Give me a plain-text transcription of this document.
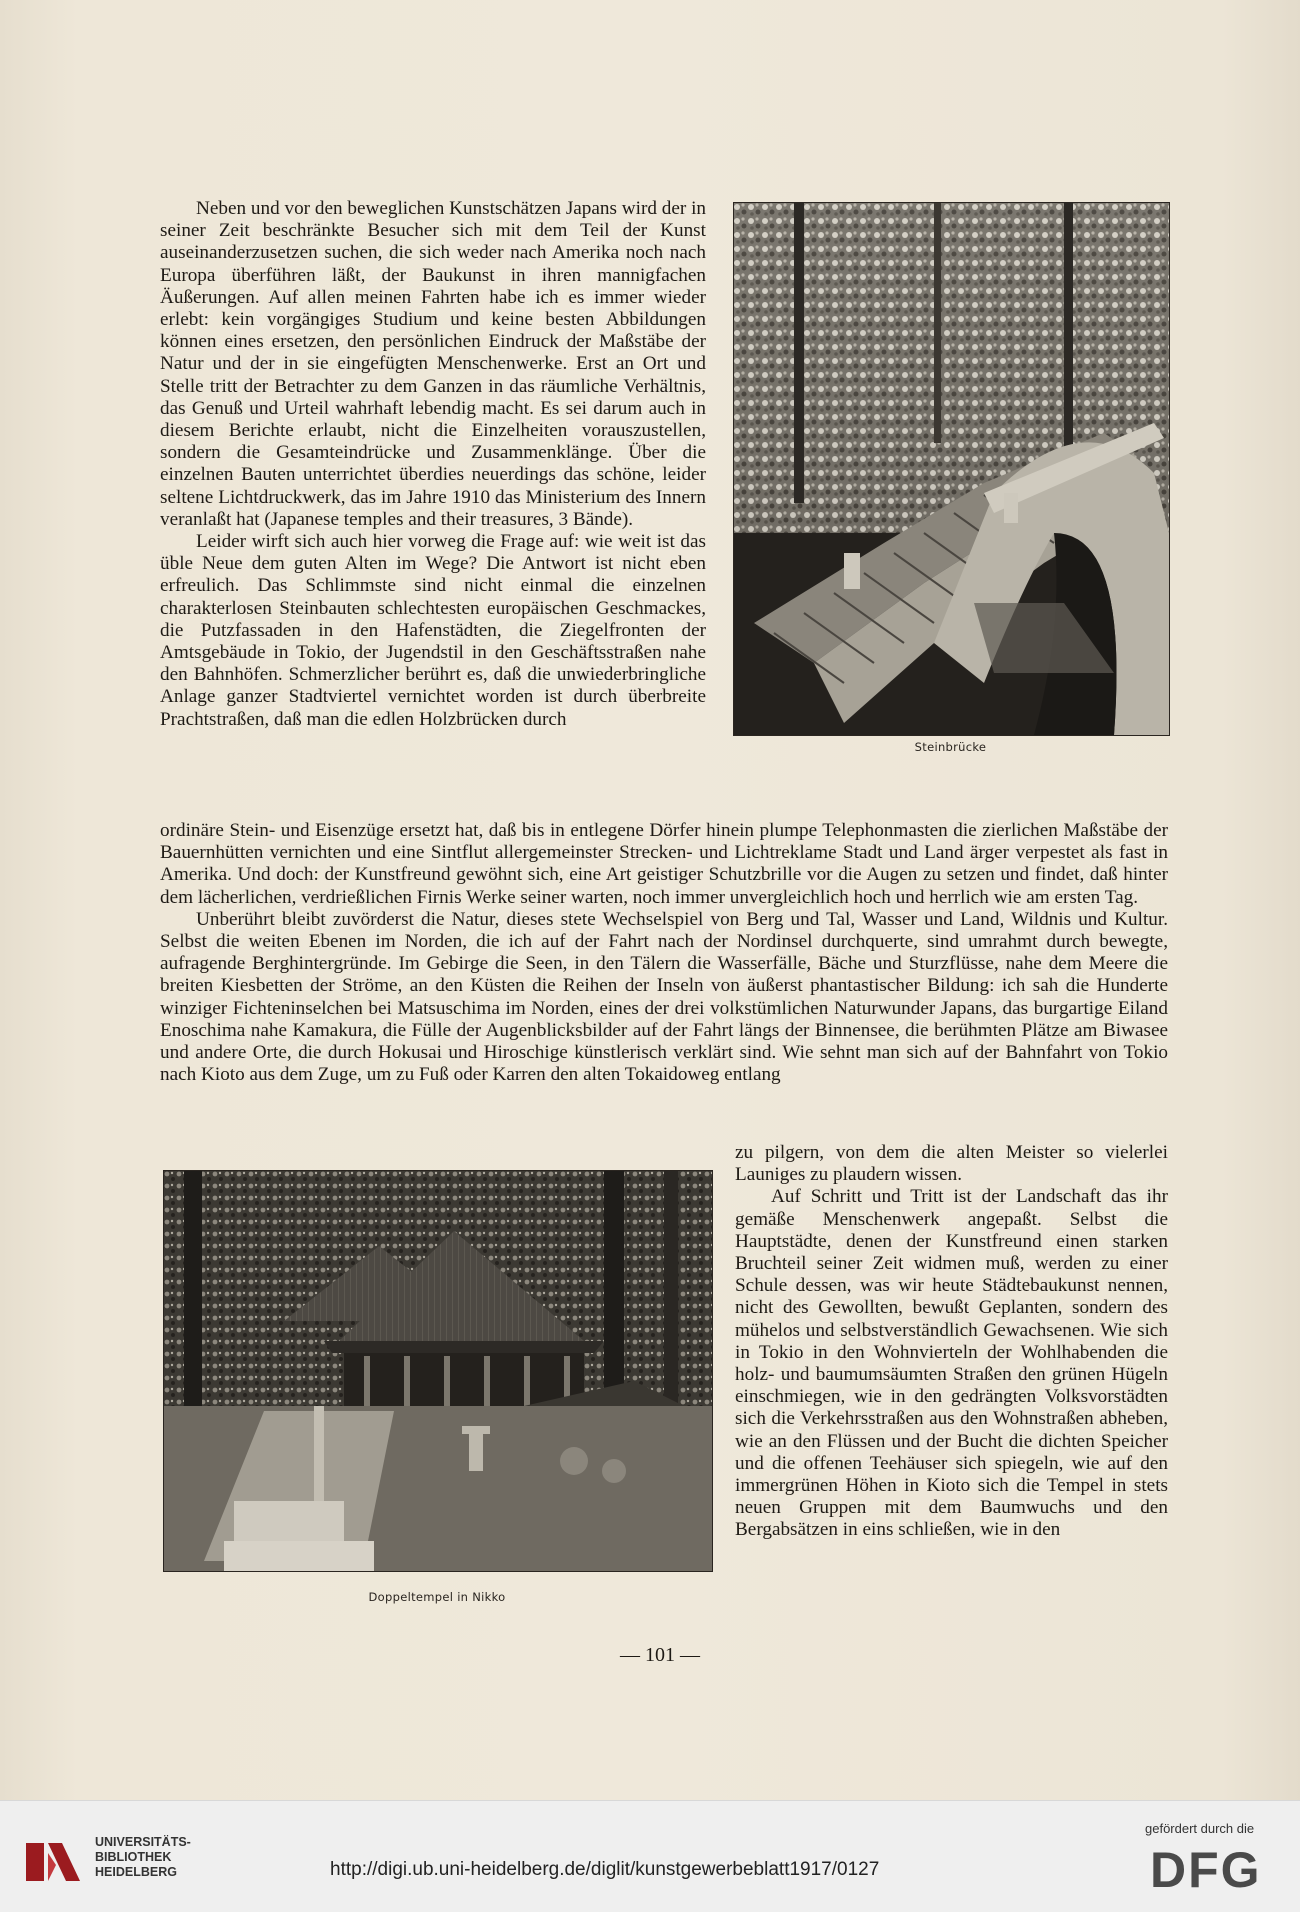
Neben und vor den beweglichen Kunstschätzen Japans wird der in seiner Zeit beschränkte Besucher sich mit dem Teil der Kunst auseinanderzusetzen suchen, die sich weder nach Amerika noch nach Europa überführen läßt, der Baukunst in ihren mannigfachen Äußerungen. Auf allen meinen Fahrten habe ich es immer wieder erlebt: kein vorgängiges Studium und keine besten Abbildungen können eines ersetzen, den persönlichen Eindruck der Maßstäbe der Natur und der in sie eingefügten Menschenwerke. Erst an Ort und Stelle tritt der Betrachter zu dem Ganzen in das räumliche Verhältnis, das Genuß und Urteil wahrhaft lebendig macht. Es sei darum auch in diesem Berichte erlaubt, nicht die Einzelheiten vorauszustellen, sondern die Gesamteindrücke und Zusammenklänge. Über die einzelnen Bauten unterrichtet überdies neuerdings das schöne, leider seltene Lichtdruckwerk, das im Jahre 1910 das Ministerium des Innern veranlaßt hat (Japanese temples and their treasures, 3 Bände).

Leider wirft sich auch hier vorweg die Frage auf: wie weit ist das üble Neue dem guten Alten im Wege? Die Antwort ist nicht eben erfreulich. Das Schlimmste sind nicht einmal die einzelnen charakterlosen Steinbauten schlechtesten europäischen Geschmackes, die Putzfassaden in den Hafenstädten, die Ziegelfronten der Amtsgebäude in Tokio, der Jugendstil in den Geschäftsstraßen nahe den Bahnhöfen. Schmerzlicher berührt es, daß die unwiederbringliche Anlage ganzer Stadtviertel vernichtet worden ist durch überbreite Prachtstraßen, daß man die edlen Holzbrücken durch

Steinbrücke

ordinäre Stein- und Eisenzüge ersetzt hat, daß bis in entlegene Dörfer hinein plumpe Telephonmasten die zierlichen Maßstäbe der Bauernhütten vernichten und eine Sintflut allergemeinster Strecken- und Lichtreklame Stadt und Land ärger verpestet als fast in Amerika. Und doch: der Kunstfreund gewöhnt sich, eine Art geistiger Schutzbrille vor die Augen zu setzen und findet, daß hinter dem lächerlichen, verdrießlichen Firnis Werke seiner warten, noch immer unvergleichlich hoch und herrlich wie am ersten Tag.

Unberührt bleibt zuvörderst die Natur, dieses stete Wechselspiel von Berg und Tal, Wasser und Land, Wildnis und Kultur. Selbst die weiten Ebenen im Norden, die ich auf der Fahrt nach der Nordinsel durchquerte, sind umrahmt durch bewegte, aufragende Berghintergründe. Im Gebirge die Seen, in den Tälern die Wasserfälle, Bäche und Sturzflüsse, nahe dem Meere die breiten Kiesbetten der Ströme, an den Küsten die Reihen der Inseln von äußerst phantastischer Bildung: ich sah die Hunderte winziger Fichteninselchen bei Matsuschima im Norden, eines der drei volkstümlichen Naturwunder Japans, das burgartige Eiland Enoschima nahe Kamakura, die Fülle der Augenblicksbilder auf der Fahrt längs der Binnensee, die berühmten Plätze am Biwasee und andere Orte, die durch Hokusai und Hiroschige künstlerisch verklärt sind. Wie sehnt man sich auf der Bahnfahrt von Tokio nach Kioto aus dem Zuge, um zu Fuß oder Karren den alten Tokaidoweg entlang

Doppeltempel in Nikko

zu pilgern, von dem die alten Meister so vielerlei Launiges zu plaudern wissen.

Auf Schritt und Tritt ist der Landschaft das ihr gemäße Menschenwerk angepaßt. Selbst die Hauptstädte, denen der Kunstfreund einen starken Bruchteil seiner Zeit widmen muß, werden zu einer Schule dessen, was wir heute Städtebaukunst nennen, nicht des Gewollten, bewußt Geplanten, sondern des mühelos und selbstverständlich Gewachsenen. Wie sich in Tokio in den Wohnvierteln der Wohlhabenden die holz- und baumumsäumten Straßen den grünen Hügeln einschmiegen, wie in den gedrängten Volksvorstädten sich die Verkehrsstraßen aus den Wohnstraßen abheben, wie an den Flüssen und der Bucht die dichten Speicher und die offenen Teehäuser sich spiegeln, wie auf den immergrünen Höhen in Kioto sich die Tempel in stets neuen Gruppen mit dem Baumwuchs und den Bergabsätzen in eins schließen, wie in den

— 101 —
UNIVERSITÄTS-
BIBLIOTHEK
HEIDELBERG	http://digi.ub.uni-heidelberg.de/diglit/kunstgewerbeblatt1917/0127
gefördert durch die
DFG
